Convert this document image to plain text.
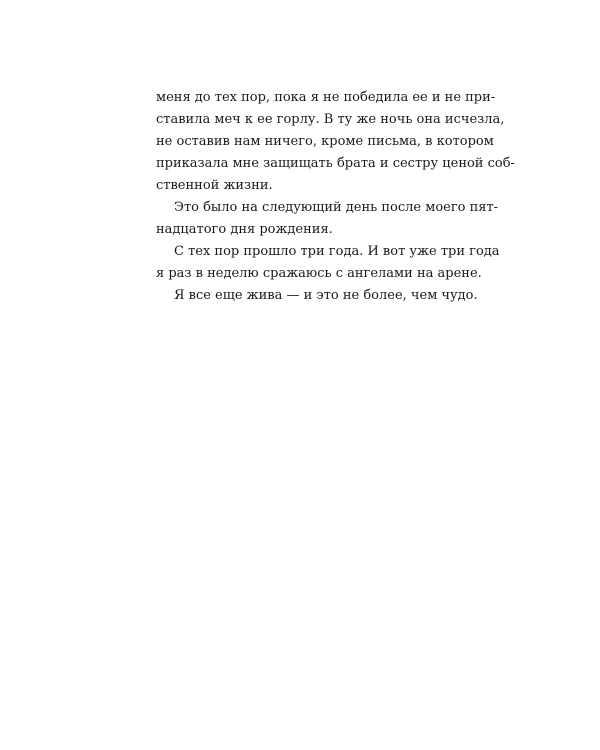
меня до тех пор, пока я не победила ее и не при-
ставила меч к ее горлу. В ту же ночь она исчезла,
не оставив нам ничего, кроме письма, в котором
приказала мне защищать брата и сестру ценой соб-
ственной жизни.
Это было на следующий день после моего пят-
надцатого дня рождения.
С тех пор прошло три года. И вот уже три года
я раз в неделю сражаюсь с ангелами на арене.
Я все еще жива — и это не более, чем чудо.
